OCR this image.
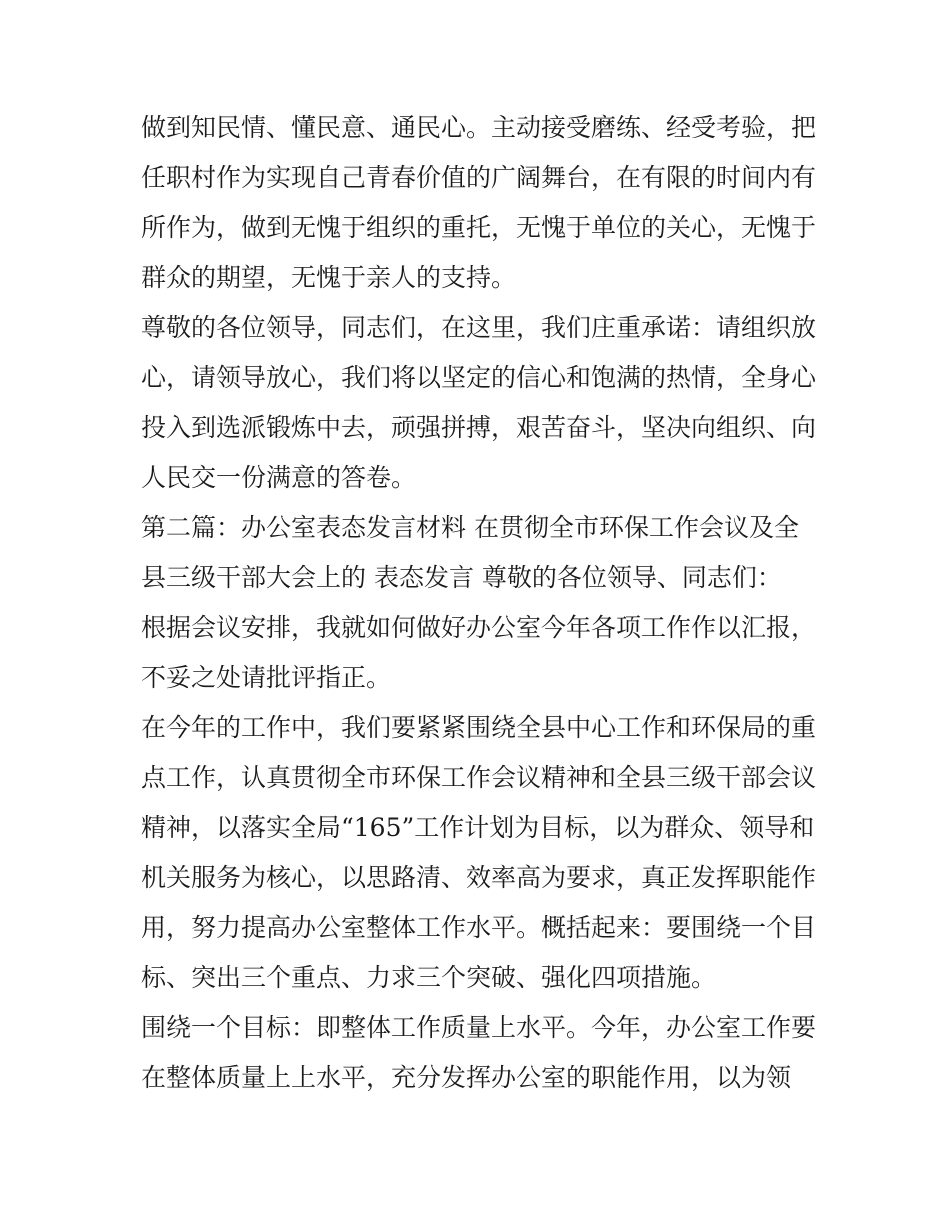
做到知民情、懂民意、通民心。主动接受磨练、经受考验，把
任职村作为实现自己青春价值的广阔舞台，在有限的时间内有
所作为，做到无愧于组织的重托，无愧于单位的关心，无愧于
群众的期望，无愧于亲人的支持。
尊敬的各位领导，同志们，在这里，我们庄重承诺：请组织放
心，请领导放心，我们将以坚定的信心和饱满的热情，全身心
投入到选派锻炼中去，顽强拼搏，艰苦奋斗，坚决向组织、向
人民交一份满意的答卷。
第二篇：办公室表态发言材料 在贯彻全市环保工作会议及全
县三级干部大会上的 表态发言 尊敬的各位领导、同志们：
根据会议安排，我就如何做好办公室今年各项工作作以汇报，
不妥之处请批评指正。
在今年的工作中，我们要紧紧围绕全县中心工作和环保局的重
点工作，认真贯彻全市环保工作会议精神和全县三级干部会议
精神，以落实全局“165”工作计划为目标，以为群众、领导和
机关服务为核心，以思路清、效率高为要求，真正发挥职能作
用，努力提高办公室整体工作水平。概括起来：要围绕一个目
标、突出三个重点、力求三个突破、强化四项措施。
围绕一个目标：即整体工作质量上水平。今年，办公室工作要
在整体质量上上水平，充分发挥办公室的职能作用，以为领
